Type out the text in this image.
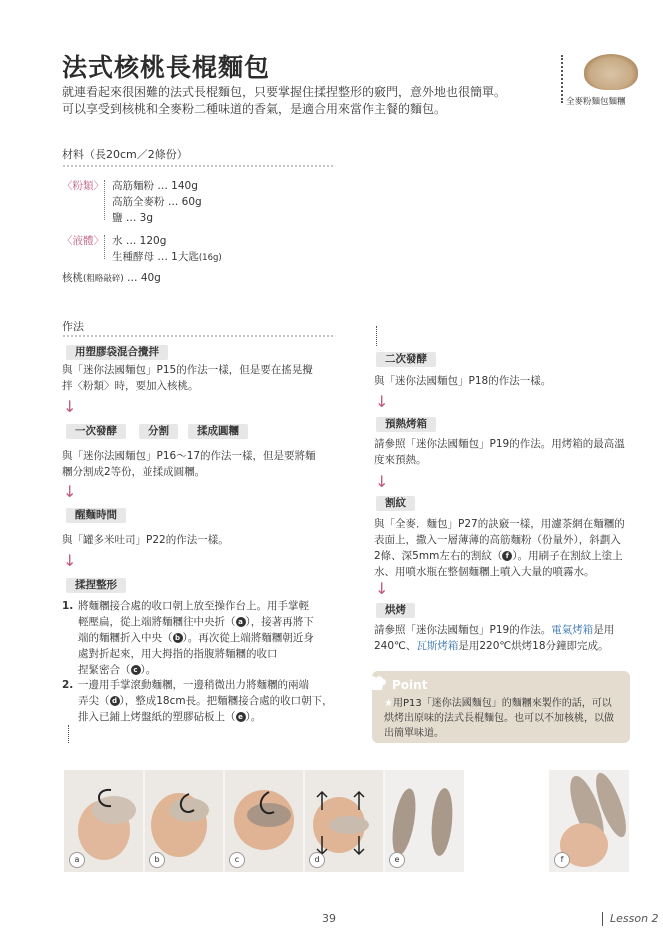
法式核桃長棍麵包
就連看起來很困難的法式長棍麵包，只要掌握住揉捏整形的竅門，意外地也很簡單。
可以享受到核桃和全麥粉二種味道的香氣，是適合用來當作主餐的麵包。	全麥粉麵包麵糰
材料（長20cm／2條份）
〈粉類〉 高筋麵粉 … 140g
高筋全麥粉 … 60g
鹽 … 3g
〈液體〉 水 … 120g
生種酵母 … 1大匙(16g)
核桃(粗略敲碎) … 40g
作法
用塑膠袋混合攪拌
與「迷你法國麵包」P15的作法一樣，但是要在搖晃攪
拌〈粉類〉時，要加入核桃。
↓
一次發酵	分割	揉成圓糰
與「迷你法國麵包」P16〜17的作法一樣，但是要將麵
糰分割成2等份，並揉成圓糰。
↓
醒麵時間
與「罐多米吐司」P22的作法一樣。
↓
揉捏整形
1. 將麵糰接合處的收口朝上放至操作台上。用手掌輕
輕壓扁，從上端將麵糰往中央折（ a ），接著再將下
端的麵糰折入中央（ b ）。再次從上端將麵糰朝近身
處對折起來，用大拇指的指腹將麵糰的收口
捏緊密合（ c ）。
2. 一邊用手掌滾動麵糰，一邊稍微出力將麵糰的兩端
弄尖（ d ），整成18cm長。把麵糰接合處的收口朝下，
排入已鋪上烤盤紙的塑膠砧板上（ e ）。
二次發酵
與「迷你法國麵包」P18的作法一樣。
↓
預熱烤箱
請參照「迷你法國麵包」P19的作法。用烤箱的最高溫
度來預熱。
↓
割紋
與「全麥．麵包」P27的訣竅一樣，用濾茶網在麵糰的
表面上，撒入一層薄薄的高筋麵粉（份量外），斜劃入
2條、深5mm左右的割紋（ f ）。用刷子在割紋上塗上
水、用噴水瓶在整個麵糰上噴入大量的噴霧水。
↓
烘烤
請參照「迷你法國麵包」P19的作法。電氣烤箱是用
240℃、瓦斯烤箱是用220℃烘烤18分鐘即完成。
Point
★用P13「迷你法國麵包」的麵糰來製作的話，可以
烘烤出原味的法式長棍麵包。也可以不加核桃，以做
出簡單味道。
a	b	c	d	e	f
39	Lesson 2
